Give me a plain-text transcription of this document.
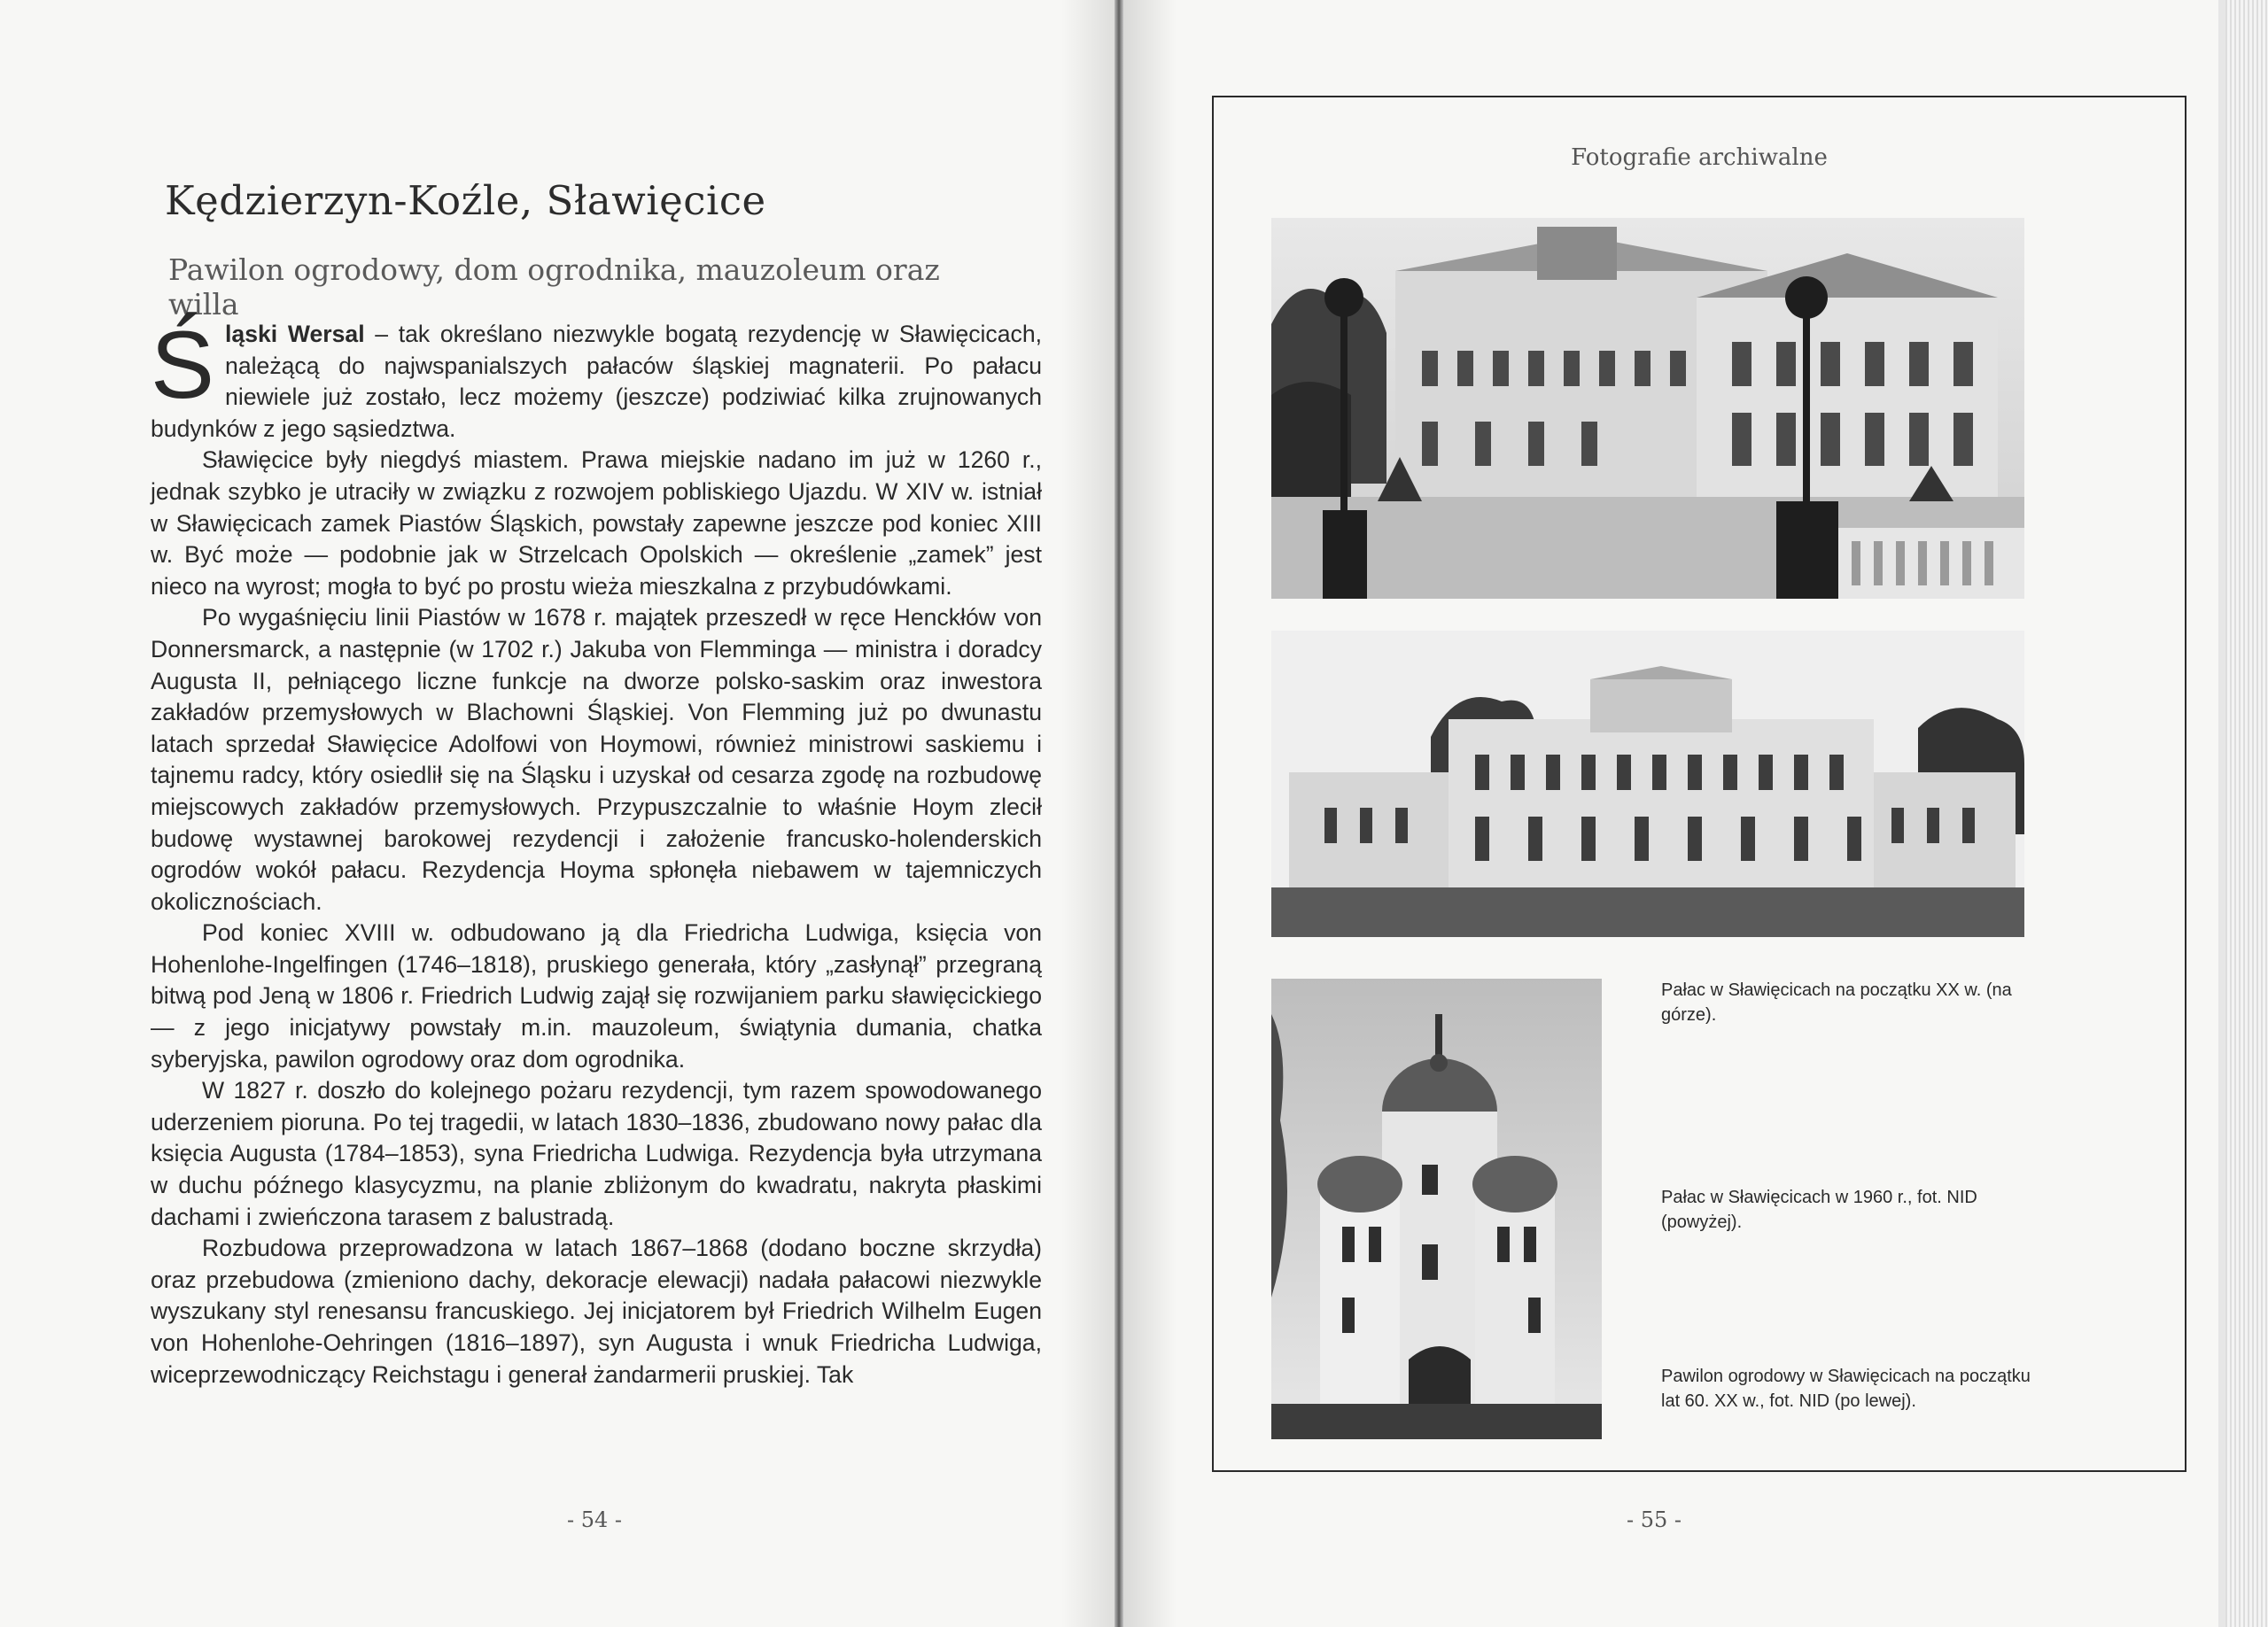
Kędzierzyn-Koźle, Sławięcice
Pawilon ogrodowy, dom ogrodnika, mauzoleum oraz willa

Śląski Wersal – tak określano niezwykle bogatą rezydencję w Sławięcicach, należącą do najwspanialszych pałaców śląskiej magnaterii. Po pałacu niewiele już zostało, lecz możemy (jeszcze) podziwiać kilka zrujnowanych budynków z jego sąsiedztwa.

Sławięcice były niegdyś miastem. Prawa miejskie nadano im już w 1260 r., jednak szybko je utraciły w związku z rozwojem pobliskiego Ujazdu. W XIV w. istniał w Sławięcicach zamek Piastów Śląskich, powstały zapewne jeszcze pod koniec XIII w. Być może — podobnie jak w Strzelcach Opolskich — określenie „zamek” jest nieco na wyrost; mogła to być po prostu wieża mieszkalna z przybudówkami.

Po wygaśnięciu linii Piastów w 1678 r. majątek przeszedł w ręce Henckłów von Donnersmarck, a następnie (w 1702 r.) Jakuba von Flemminga — ministra i doradcy Augusta II, pełniącego liczne funkcje na dworze polsko-saskim oraz inwestora zakładów przemysłowych w Blachowni Śląskiej. Von Flemming już po dwunastu latach sprzedał Sławięcice Adolfowi von Hoymowi, również ministrowi saskiemu i tajnemu radcy, który osiedlił się na Śląsku i uzyskał od cesarza zgodę na rozbudowę miejscowych zakładów przemysłowych. Przypuszczalnie to właśnie Hoym zlecił budowę wystawnej barokowej rezydencji i założenie francusko-holenderskich ogrodów wokół pałacu. Rezydencja Hoyma spłonęła niebawem w tajemniczych okolicznościach.

Pod koniec XVIII w. odbudowano ją dla Friedricha Ludwiga, księcia von Hohenlohe-Ingelfingen (1746–1818), pruskiego generała, który „zasłynął” przegraną bitwą pod Jeną w 1806 r. Friedrich Ludwig zajął się rozwijaniem parku sławięcickiego — z jego inicjatywy powstały m.in. mauzoleum, świątynia dumania, chatka syberyjska, pawilon ogrodowy oraz dom ogrodnika.

W 1827 r. doszło do kolejnego pożaru rezydencji, tym razem spowodowanego uderzeniem pioruna. Po tej tragedii, w latach 1830–1836, zbudowano nowy pałac dla księcia Augusta (1784–1853), syna Friedricha Ludwiga. Rezydencja była utrzymana w duchu późnego klasycyzmu, na planie zbliżonym do kwadratu, nakryta płaskimi dachami i zwieńczona tarasem z balustradą.

Rozbudowa przeprowadzona w latach 1867–1868 (dodano boczne skrzydła) oraz przebudowa (zmieniono dachy, dekoracje elewacji) nadała pałacowi niezwykle wyszukany styl renesansu francuskiego. Jej inicjatorem był Friedrich Wilhelm Eugen von Hohenlohe-Oehringen (1816–1897), syn Augusta i wnuk Friedricha Ludwiga, wiceprzewodniczący Reichstagu i generał żandarmerii pruskiej. Tak

- 54 -
Fotografie archiwalne

Pałac w Sławięcicach na początku XX w. (na górze).

Pałac w Sławięcicach w 1960 r., fot. NID (powyżej).

Pawilon ogrodowy w Sławięcicach na początku lat 60. XX w., fot. NID (po lewej).

- 55 -
